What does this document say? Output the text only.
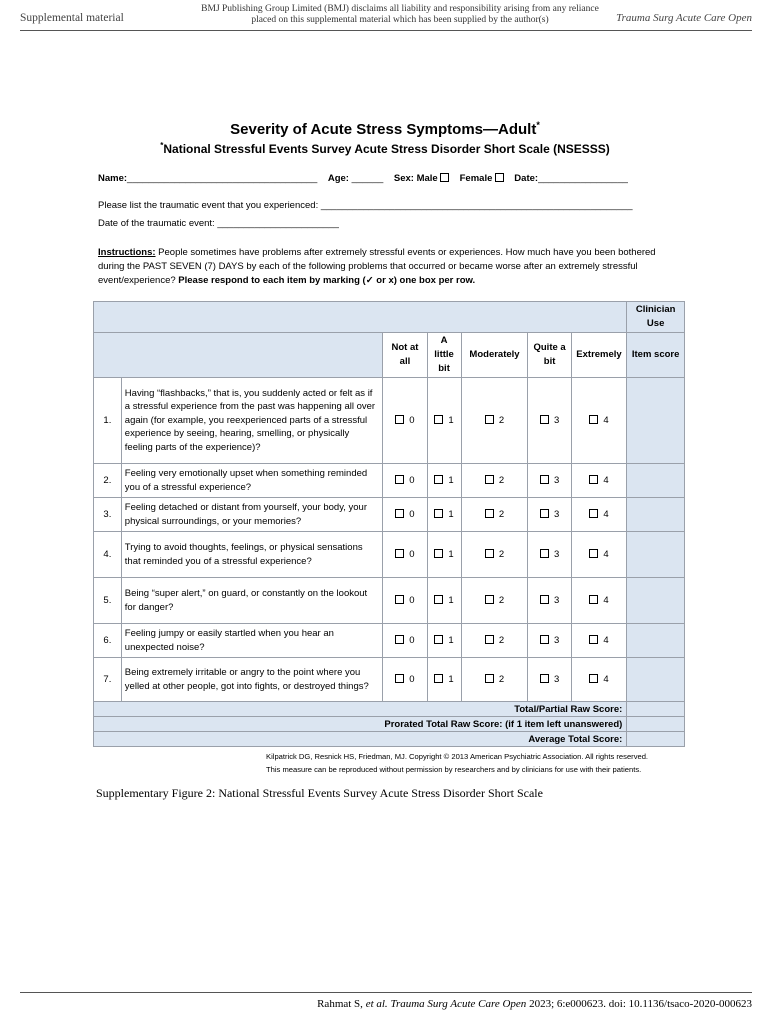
Supplemental material
BMJ Publishing Group Limited (BMJ) disclaims all liability and responsibility arising from any reliance
placed on this supplemental material which has been supplied by the author(s)	Trauma Surg Acute Care Open
Severity of Acute Stress Symptoms—Adult*
*National Stressful Events Survey Acute Stress Disorder Short Scale (NSESSS)
Name:____________________________________ Age: ______ Sex: Male Female Date:_________________
Please list the traumatic event that you experienced: ___________________________________________________________
Date of the traumatic event: _______________________
Instructions: People sometimes have problems after extremely stressful events or experiences. How much have you been bothered during the PAST SEVEN (7) DAYS by each of the following problems that occurred or became worse after an extremely stressful event/experience? Please respond to each item by marking (✓ or x) one box per row.
							Clinician Use
		Not at all	A little bit	Moderately	Quite a bit	Extremely	Item score
1.	Having “flashbacks,” that is, you suddenly acted or felt as if a stressful experience from the past was happening all over again (for example, you reexperienced parts of a stressful experience by seeing, hearing, smelling, or physically feeling parts of the experience)?	0	1	2	3	4	
2.	Feeling very emotionally upset when something reminded you of a stressful experience?	0	1	2	3	4	
3.	Feeling detached or distant from yourself, your body, your physical surroundings, or your memories?	0	1	2	3	4	
4.	Trying to avoid thoughts, feelings, or physical sensations that reminded you of a stressful experience?	0	1	2	3	4	
5.	Being “super alert,” on guard, or constantly on the lookout for danger?	0	1	2	3	4	
6.	Feeling jumpy or easily startled when you hear an unexpected noise?	0	1	2	3	4	
7.	Being extremely irritable or angry to the point where you yelled at other people, got into fights, or destroyed things?	0	1	2	3	4	
Total/Partial Raw Score:							
Prorated Total Raw Score: (if 1 item left unanswered)							
Average Total Score:							
Kilpatrick DG, Resnick HS, Friedman, MJ. Copyright © 2013 American Psychiatric Association. All rights reserved.
This measure can be reproduced without permission by researchers and by clinicians for use with their patients.
Supplementary Figure 2: National Stressful Events Survey Acute Stress Disorder Short Scale
Rahmat S, et al. Trauma Surg Acute Care Open 2023; 6:e000623. doi: 10.1136/tsaco-2020-000623
